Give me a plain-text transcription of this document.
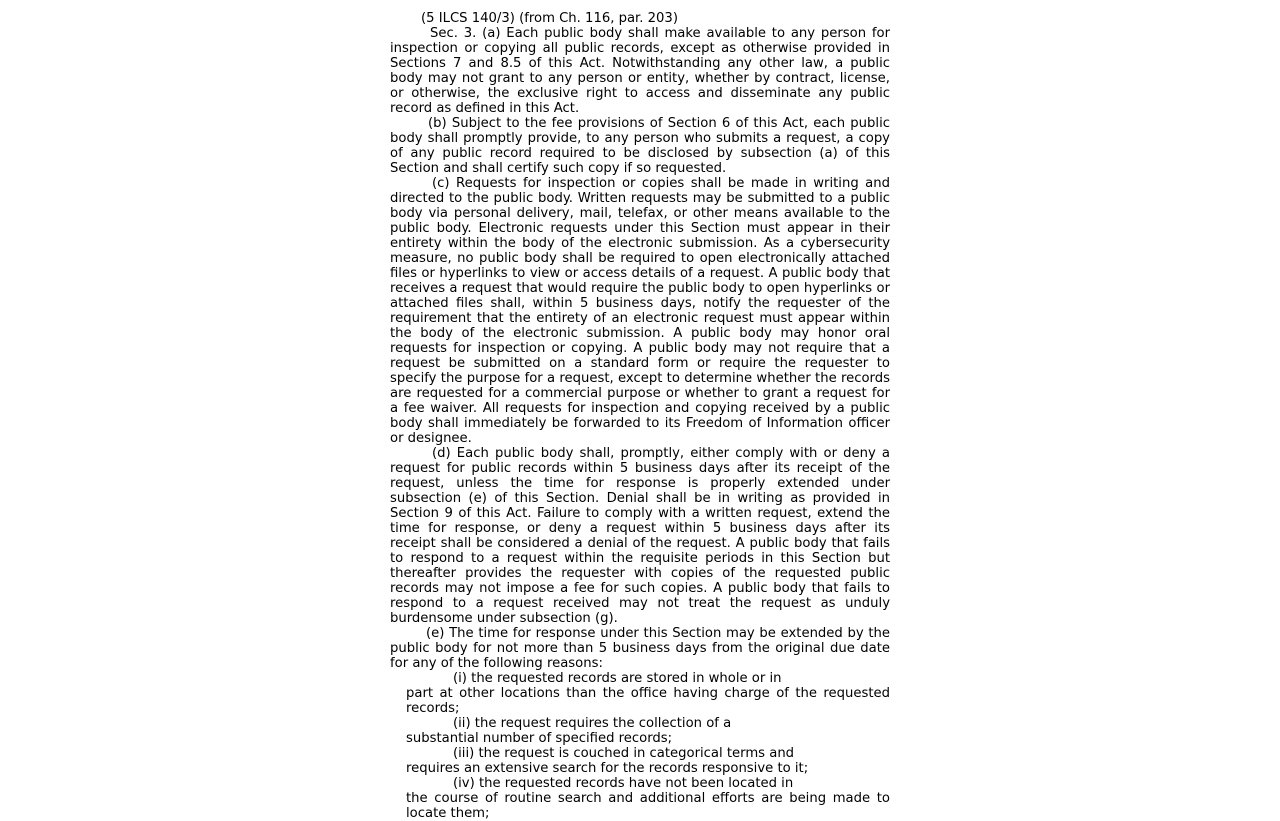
(5 ILCS 140/3) (from Ch. 116, par. 203)
Sec. 3. (a) Each public body shall make available to any person for inspection or copying all public records, except as otherwise provided in Sections 7 and 8.5 of this Act. Notwithstanding any other law, a public body may not grant to any person or entity, whether by contract, license, or otherwise, the exclusive right to access and disseminate any public record as defined in this Act.
(b) Subject to the fee provisions of Section 6 of this Act, each public body shall promptly provide, to any person who submits a request, a copy of any public record required to be disclosed by subsection (a) of this Section and shall certify such copy if so requested.
(c) Requests for inspection or copies shall be made in writing and directed to the public body. Written requests may be submitted to a public body via personal delivery, mail, telefax, or other means available to the public body. Electronic requests under this Section must appear in their entirety within the body of the electronic submission. As a cybersecurity measure, no public body shall be required to open electronically attached files or hyperlinks to view or access details of a request. A public body that receives a request that would require the public body to open hyperlinks or attached files shall, within 5 business days, notify the requester of the requirement that the entirety of an electronic request must appear within the body of the electronic submission. A public body may honor oral requests for inspection or copying. A public body may not require that a request be submitted on a standard form or require the requester to specify the purpose for a request, except to determine whether the records are requested for a commercial purpose or whether to grant a request for a fee waiver. All requests for inspection and copying received by a public body shall immediately be forwarded to its Freedom of Information officer or designee.
(d) Each public body shall, promptly, either comply with or deny a request for public records within 5 business days after its receipt of the request, unless the time for response is properly extended under subsection (e) of this Section. Denial shall be in writing as provided in Section 9 of this Act. Failure to comply with a written request, extend the time for response, or deny a request within 5 business days after its receipt shall be considered a denial of the request. A public body that fails to respond to a request within the requisite periods in this Section but thereafter provides the requester with copies of the requested public records may not impose a fee for such copies. A public body that fails to respond to a request received may not treat the request as unduly burdensome under subsection (g).
(e) The time for response under this Section may be extended by the public body for not more than 5 business days from the original due date for any of the following reasons:
(i) the requested records are stored in whole or in
part at other locations than the office having charge of the requested records;
(ii) the request requires the collection of a
substantial number of specified records;
(iii) the request is couched in categorical terms and
requires an extensive search for the records responsive to it;
(iv) the requested records have not been located in
the course of routine search and additional efforts are being made to locate them;
